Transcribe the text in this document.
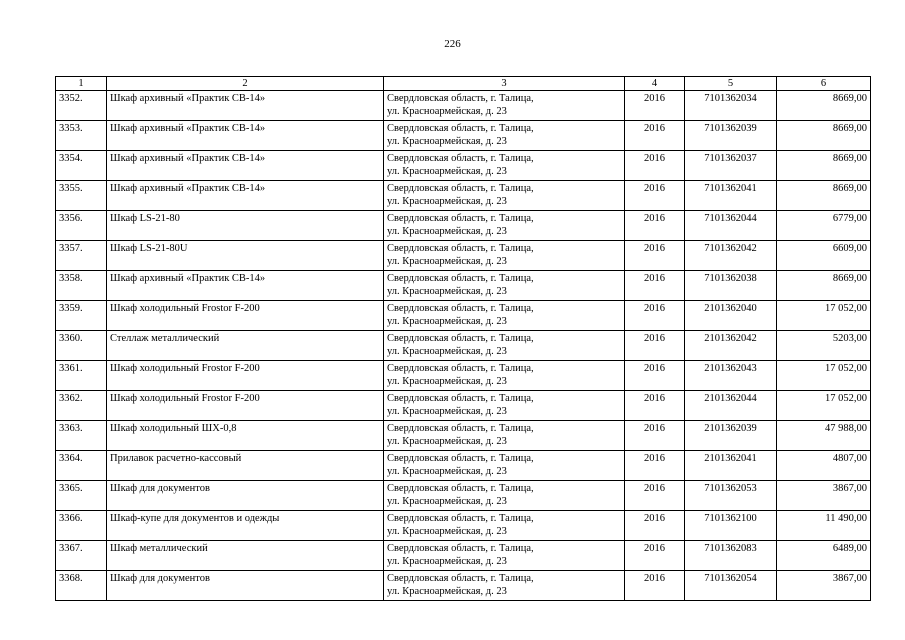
226
1	2	3	4	5	6
3352.	Шкаф архивный «Практик СВ-14»	Свердловская область, г. Талица,
ул. Красноармейская, д. 23	2016	7101362034	8669,00
3353.	Шкаф архивный «Практик СВ-14»	Свердловская область, г. Талица,
ул. Красноармейская, д. 23	2016	7101362039	8669,00
3354.	Шкаф архивный «Практик СВ-14»	Свердловская область, г. Талица,
ул. Красноармейская, д. 23	2016	7101362037	8669,00
3355.	Шкаф архивный «Практик СВ-14»	Свердловская область, г. Талица,
ул. Красноармейская, д. 23	2016	7101362041	8669,00
3356.	Шкаф LS-21-80	Свердловская область, г. Талица,
ул. Красноармейская, д. 23	2016	7101362044	6779,00
3357.	Шкаф LS-21-80U	Свердловская область, г. Талица,
ул. Красноармейская, д. 23	2016	7101362042	6609,00
3358.	Шкаф архивный «Практик СВ-14»	Свердловская область, г. Талица,
ул. Красноармейская, д. 23	2016	7101362038	8669,00
3359.	Шкаф холодильный Frostor F-200	Свердловская область, г. Талица,
ул. Красноармейская, д. 23	2016	2101362040	17 052,00
3360.	Стеллаж металлический	Свердловская область, г. Талица,
ул. Красноармейская, д. 23	2016	2101362042	5203,00
3361.	Шкаф холодильный Frostor F-200	Свердловская область, г. Талица,
ул. Красноармейская, д. 23	2016	2101362043	17 052,00
3362.	Шкаф холодильный Frostor F-200	Свердловская область, г. Талица,
ул. Красноармейская, д. 23	2016	2101362044	17 052,00
3363.	Шкаф холодильный ШХ-0,8	Свердловская область, г. Талица,
ул. Красноармейская, д. 23	2016	2101362039	47 988,00
3364.	Прилавок расчетно-кассовый	Свердловская область, г. Талица,
ул. Красноармейская, д. 23	2016	2101362041	4807,00
3365.	Шкаф для документов	Свердловская область, г. Талица,
ул. Красноармейская, д. 23	2016	7101362053	3867,00
3366.	Шкаф-купе для документов и одежды	Свердловская область, г. Талица,
ул. Красноармейская, д. 23	2016	7101362100	11 490,00
3367.	Шкаф металлический	Свердловская область, г. Талица,
ул. Красноармейская, д. 23	2016	7101362083	6489,00
3368.	Шкаф для документов	Свердловская область, г. Талица,
ул. Красноармейская, д. 23	2016	7101362054	3867,00
